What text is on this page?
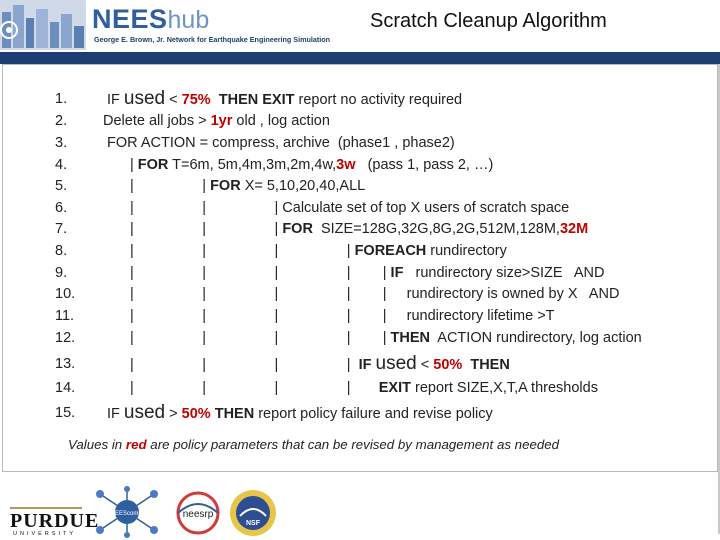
NEEShub
George E. Brown, Jr. Network for Earthquake Engineering Simulation
Scratch Cleanup Algorithm
1.	IF used < 75% THEN EXIT report no activity required
2. Delete all jobs > 1yr old , log action
3.	FOR ACTION = compress, archive  (phase1 , phase2)
4.	| FOR T=6m, 5m,4m,3m,2m,4w,3w   (pass 1, pass 2, …)
5.	|                 | FOR X= 5,10,20,40,ALL
6.	|                 |                 | Calculate set of top X users of scratch space
7.	|                 |                 | FOR  SIZE=128G,32G,8G,2G,512M,128M,32M
8.	|                 |                 |                 | FOREACH rundirectory
9.	|                 |                 |                 |        | IF   rundirectory size>SIZE   AND
10.	|                 |                 |                 |        |     rundirectory is owned by X   AND
11.	|                 |                 |                 |        |     rundirectory lifetime >T
12.	|                 |                 |                 |        | THEN  ACTION rundirectory, log action
13.	|                 |                 |                 |  IF used < 50% THEN
14.	|                 |                 |                 |       EXIT report SIZE,X,T,A thresholds
15. IF used > 50% THEN report policy failure and revise policy
Values in red are policy parameters that can be revised by management as needed
NEEScomm	neesrp
NSF
PURDUE
UNIVERSITY
